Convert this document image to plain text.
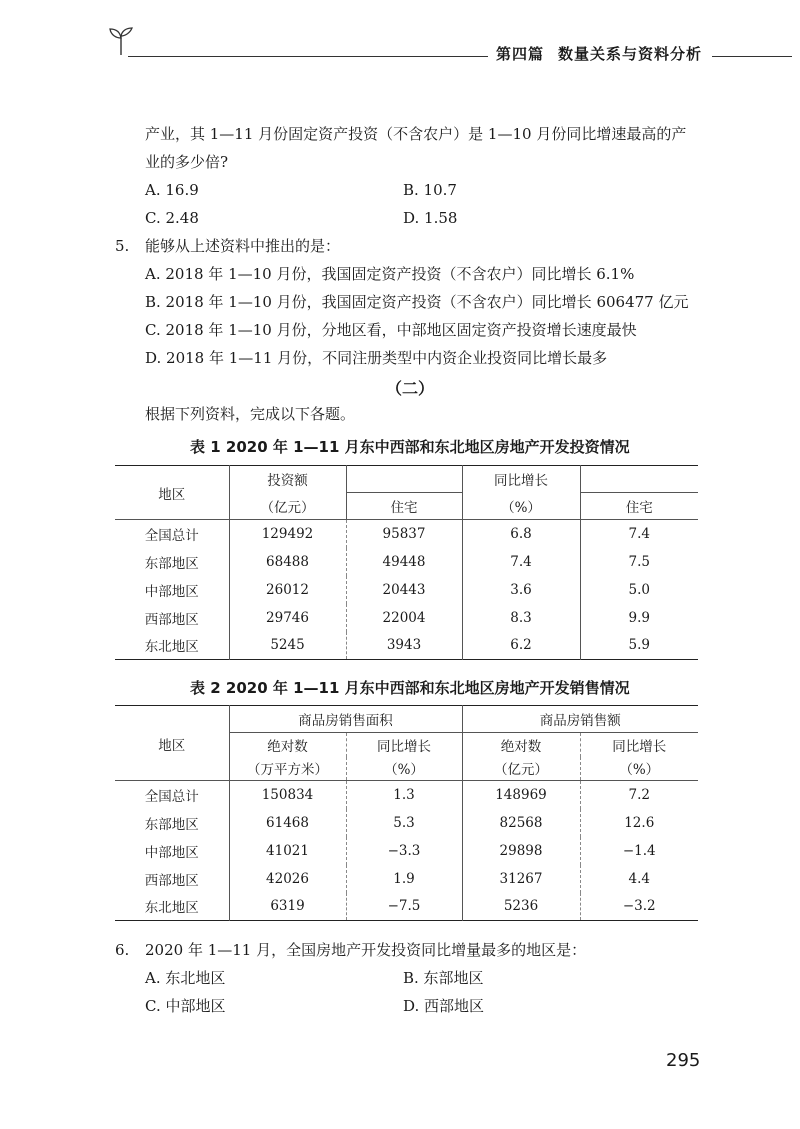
第四篇 数量关系与资料分析
产业，其 1—11 月份固定资产投资（不含农户）是 1—10 月份同比增速最高的产
业的多少倍?
A. 16.9	B. 10.7
C. 2.48	D. 1.58
5. 能够从上述资料中推出的是：
A. 2018 年 1—10 月份，我国固定资产投资（不含农户）同比增长 6.1%
B. 2018 年 1—10 月份，我国固定资产投资（不含农户）同比增长 606477 亿元
C. 2018 年 1—10 月份，分地区看，中部地区固定资产投资增长速度最快
D. 2018 年 1—11 月份，不同注册类型中内资企业投资同比增长最多
（二）
根据下列资料，完成以下各题。
表 1 2020 年 1—11 月东中西部和东北地区房地产开发投资情况
地区	投资额		同比增长	
	（亿元）	住宅	（%）	住宅
全国总计	129492	95837	6.8	7.4
东部地区	68488	49448	7.4	7.5
中部地区	26012	20443	3.6	5.0
西部地区	29746	22004	8.3	9.9
东北地区	5245	3943	6.2	5.9
表 2 2020 年 1—11 月东中西部和东北地区房地产开发销售情况
地区	商品房销售面积		商品房销售额	
	绝对数	同比增长	绝对数	同比增长
	（万平方米）	（%）	（亿元）	（%）
全国总计	150834	1.3	148969	7.2
东部地区	61468	5.3	82568	12.6
中部地区	41021	−3.3	29898	−1.4
西部地区	42026	1.9	31267	4.4
东北地区	6319	−7.5	5236	−3.2
6. 2020 年 1—11 月，全国房地产开发投资同比增量最多的地区是：
A. 东北地区	B. 东部地区
C. 中部地区	D. 西部地区
295
